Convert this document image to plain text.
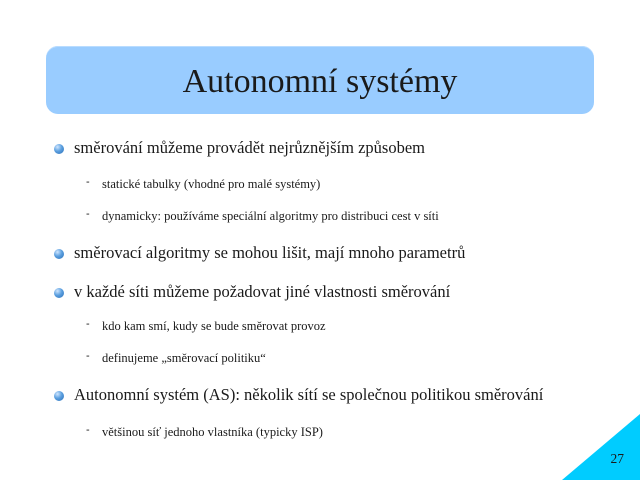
Autonomní systémy
směrování můžeme provádět nejrůznějším způsobem
- statické tabulky (vhodné pro malé systémy)
- dynamicky: používáme speciální algoritmy pro distribuci cest v síti
směrovací algoritmy se mohou lišit, mají mnoho parametrů
v každé síti můžeme požadovat jiné vlastnosti směrování
- kdo kam smí, kudy se bude směrovat provoz
- definujeme „směrovací politiku“
Autonomní systém (AS): několik sítí se společnou politikou směrování
- většinou síť jednoho vlastníka (typicky ISP)
27
